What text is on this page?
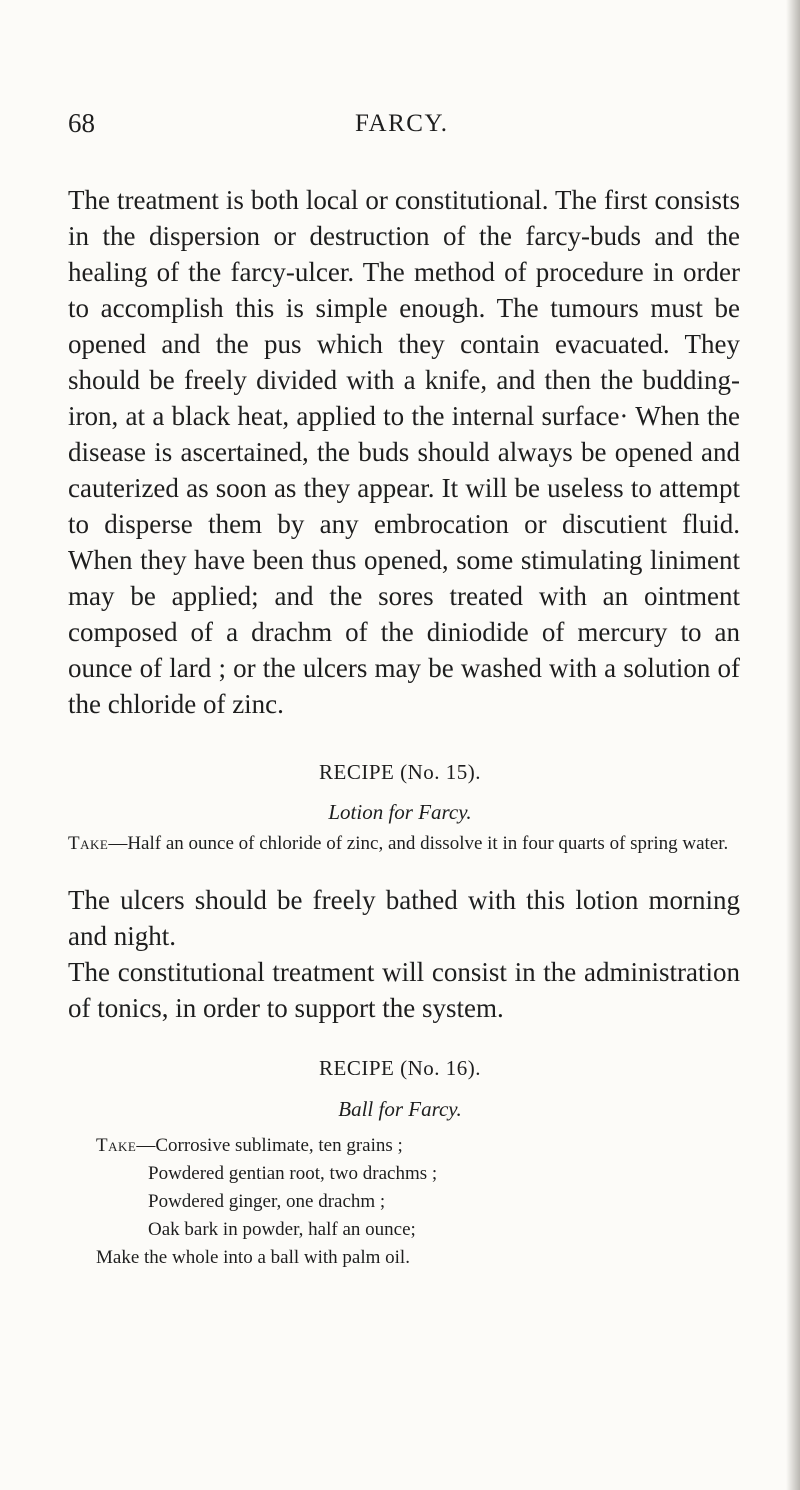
68	FARCY.

The treatment is both local or constitutional. The first consists in the dispersion or destruction of the farcy-buds and the healing of the farcy-ulcer. The method of procedure in order to accomplish this is simple enough. The tumours must be opened and the pus which they contain evacuated. They should be freely divided with a knife, and then the budding-iron, at a black heat, applied to the internal surface· When the disease is ascertained, the buds should always be opened and cauterized as soon as they appear. It will be useless to attempt to disperse them by any embrocation or discutient fluid. When they have been thus opened, some stimulating liniment may be applied; and the sores treated with an ointment composed of a drachm of the diniodide of mercury to an ounce of lard ; or the ulcers may be washed with a solution of the chloride of zinc.

RECIPE (No. 15).
Lotion for Farcy.
Take—Half an ounce of chloride of zinc, and dissolve it in four quarts of spring water.

The ulcers should be freely bathed with this lotion morning and night.

The constitutional treatment will consist in the administration of tonics, in order to support the system.

RECIPE (No. 16).
Ball for Farcy.
Take—Corrosive sublimate, ten grains ;
Powdered gentian root, two drachms ;
Powdered ginger, one drachm ;
Oak bark in powder, half an ounce;
Make the whole into a ball with palm oil.
